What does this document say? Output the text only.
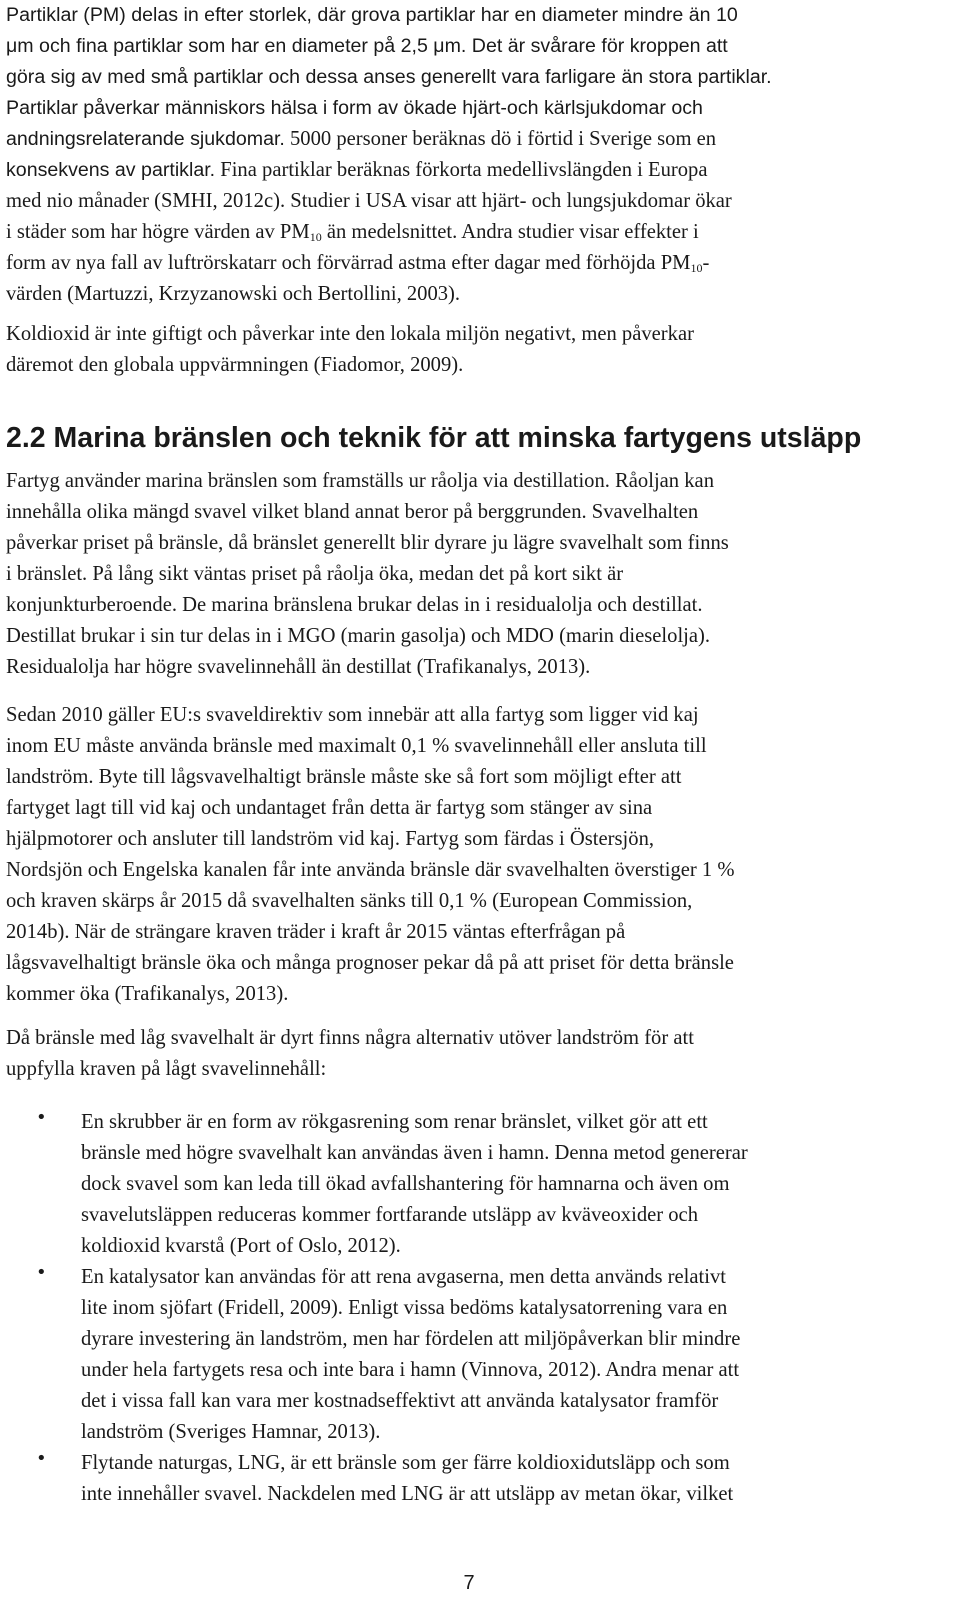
Partiklar (PM) delas in efter storlek, där grova partiklar har en diameter mindre än 10

μm och fina partiklar som har en diameter på 2,5 μm. Det är svårare för kroppen att

göra sig av med små partiklar och dessa anses generellt vara farligare än stora partiklar.

Partiklar påverkar människors hälsa i form av ökade hjärt-och kärlsjukdomar och

andningsrelaterande sjukdomar. 5000 personer beräknas dö i förtid i Sverige som en

konsekvens av partiklar. Fina partiklar beräknas förkorta medellivslängden i Europa

med nio månader (SMHI, 2012c). Studier i USA visar att hjärt- och lungsjukdomar ökar

i städer som har högre värden av $PM_{10}$ än medelsnittet. Andra studier visar effekter i

form av nya fall av luftrörskatarr och förvärrad astma efter dagar med förhöjda $PM_{10}-$

värden (Martuzzi, Krzyzanowski och Bertollini, 2003).

Koldioxid är inte giftigt och påverkar inte den lokala miljön negativt, men påverkar

däremot den globala uppvärmningen (Fiadomor, 2009).

2.2 Marina bränslen och teknik för att minska fartygens utsläpp

Fartyg använder marina bränslen som framställs ur råolja via destillation. Råoljan kan

innehålla olika mängd svavel vilket bland annat beror på berggrunden. Svavelhalten

påverkar priset på bränsle, då bränslet generellt blir dyrare ju lägre svavelhalt som finns

i bränslet. På lång sikt väntas priset på råolja öka, medan det på kort sikt är

konjunkturberoende. De marina bränslena brukar delas in i residualolja och destillat.

Destillat brukar i sin tur delas in i MGO (marin gasolja) och MDO (marin dieselolja).

Residualolja har högre svavelinnehåll än destillat (Trafikanalys, 2013).

Sedan 2010 gäller EU:s svaveldirektiv som innebär att alla fartyg som ligger vid kaj

inom EU måste använda bränsle med maximalt 0,1 % svavelinnehåll eller ansluta till

landström. Byte till lågsvavelhaltigt bränsle måste ske så fort som möjligt efter att

fartyget lagt till vid kaj och undantaget från detta är fartyg som stänger av sina

hjälpmotorer och ansluter till landström vid kaj. Fartyg som färdas i Östersjön,

Nordsjön och Engelska kanalen får inte använda bränsle där svavelhalten överstiger 1 %

och kraven skärps år 2015 då svavelhalten sänks till 0,1 % (European Commission,

2014b). När de strängare kraven träder i kraft år 2015 väntas efterfrågan på

lågsvavelhaltigt bränsle öka och många prognoser pekar då på att priset för detta bränsle

kommer öka (Trafikanalys, 2013).

Då bränsle med låg svavelhalt är dyrt finns några alternativ utöver landström för att

uppfylla kraven på lågt svavelinnehåll:

• En skrubber är en form av rökgasrening som renar bränslet, vilket gör att ett

bränsle med högre svavelhalt kan användas även i hamn. Denna metod genererar

dock svavel som kan leda till ökad avfallshantering för hamnarna och även om

svavelutsläppen reduceras kommer fortfarande utsläpp av kväveoxider och

koldioxid kvarstå (Port of Oslo, 2012).

• En katalysator kan användas för att rena avgaserna, men detta används relativt

lite inom sjöfart (Fridell, 2009). Enligt vissa bedöms katalysatorrening vara en

dyrare investering än landström, men har fördelen att miljöpåverkan blir mindre

under hela fartygets resa och inte bara i hamn (Vinnova, 2012). Andra menar att

det i vissa fall kan vara mer kostnadseffektivt att använda katalysator framför

landström (Sveriges Hamnar, 2013).

• Flytande naturgas, LNG, är ett bränsle som ger färre koldioxidutsläpp och som

inte innehåller svavel. Nackdelen med LNG är att utsläpp av metan ökar, vilket

7
